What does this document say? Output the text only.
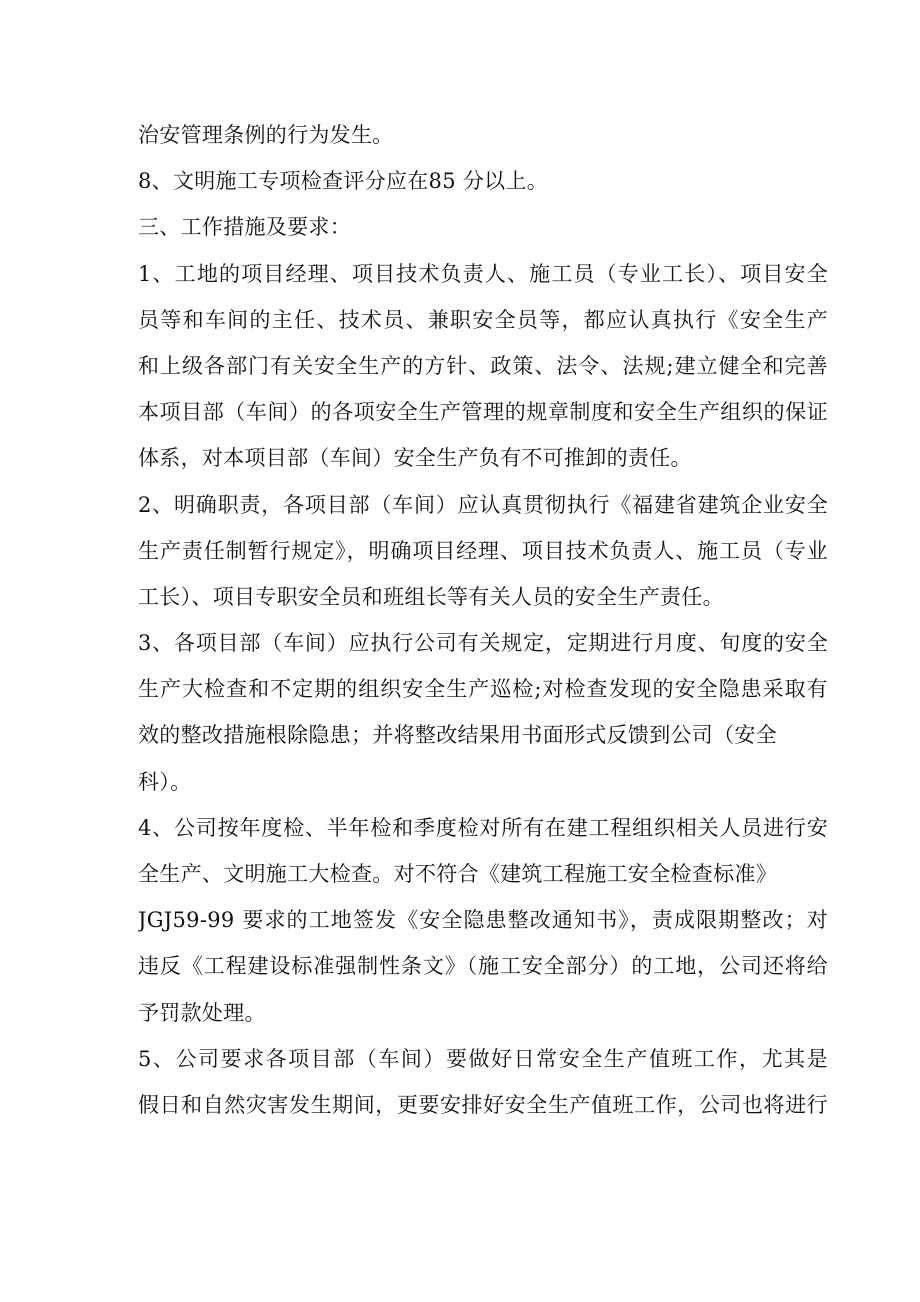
治安管理条例的行为发生。
8、文明施工专项检查评分应在85 分以上。
三、工作措施及要求：
1、工地的项目经理、项目技术负责人、施工员（专业工长）、项目安全
员等和车间的主任、技术员、兼职安全员等，都应认真执行《安全生产
和上级各部门有关安全生产的方针、政策、法令、法规;建立健全和完善
本项目部（车间）的各项安全生产管理的规章制度和安全生产组织的保证
体系，对本项目部（车间）安全生产负有不可推卸的责任。
2、明确职责，各项目部（车间）应认真贯彻执行《福建省建筑企业安全
生产责任制暂行规定》，明确项目经理、项目技术负责人、施工员（专业
工长）、项目专职安全员和班组长等有关人员的安全生产责任。
3、各项目部（车间）应执行公司有关规定，定期进行月度、旬度的安全
生产大检查和不定期的组织安全生产巡检;对检查发现的安全隐患采取有
效的整改措施根除隐患；并将整改结果用书面形式反馈到公司（安全
科）。
4、公司按年度检、半年检和季度检对所有在建工程组织相关人员进行安
全生产、文明施工大检查。对不符合《建筑工程施工安全检查标准》
JGJ59-99 要求的工地签发《安全隐患整改通知书》，责成限期整改；对
违反《工程建设标准强制性条文》（施工安全部分）的工地，公司还将给
予罚款处理。
5、公司要求各项目部（车间）要做好日常安全生产值班工作，尤其是
假日和自然灾害发生期间，更要安排好安全生产值班工作，公司也将进行
